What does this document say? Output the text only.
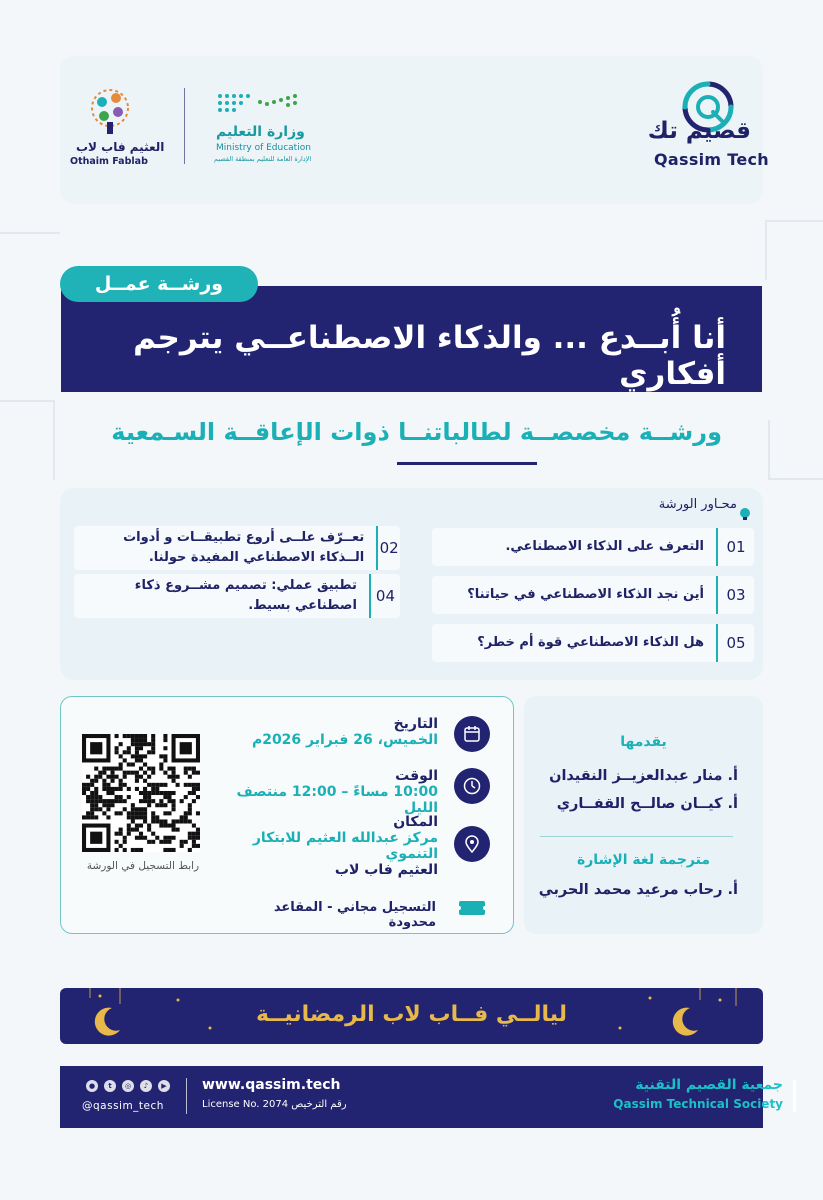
قصيم تك
Qassim Tech
وزارة التعليم
Ministry of Education
الإدارة العامة للتعليم بمنطقة القصيم
العثيم فاب لاب
Othaim Fablab
ورشــة عمــل
أنا أُبــدع ... والذكاء الاصطناعــي يترجم أفكاري
ورشــة مخصصــة لطالباتنــا ذوات الإعاقــة السـمعية
محـاور الورشة
01
التعرف على الذكاء الاصطناعي.
03
أين نجد الذكاء الاصطناعي في حياتنا؟
05
هل الذكاء الاصطناعي قوة أم خطر؟
02
تعــرّف علــى أروع تطبيقــات و أدوات الــذكاء الاصطناعي المفيدة حولنا.
04
تطبيق عملي: تصميم مشــروع ذكاء اصطناعي بسيط.
التاريخ
الخميس، 26 فبراير 2026م
الوقت
10:00 مساءً – 12:00 منتصف الليل
المكان
مركز عبدالله العثيم للابتكار التنموي
العثيم فاب لاب
التسجيل مجاني - المقاعد محدودة
رابط التسجيل في الورشة
يقدمها
أ. منار عبدالعزيــز النقيدان
أ. كيــان صالــح القفــاري
مترجمة لغة الإشارة
أ. رحاب مرعيد محمد الحربي
ليالــي فــاب لاب الرمضانيــة
جمعية القصيم التقنية
Qassim Technical Society
www.qassim.tech
License No. 2074 رقم الترخيص
@qassim_tech
●	t	◎	♪	▶
